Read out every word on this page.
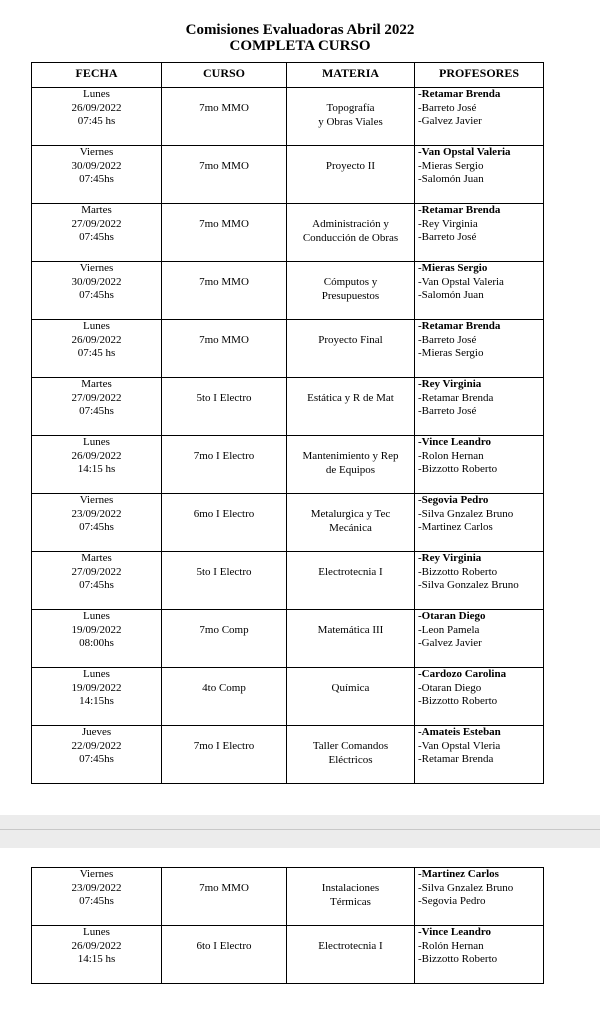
Comisiones Evaluadoras Abril 2022
COMPLETA CURSO
FECHA	CURSO	MATERIA	PROFESORES

Lunes
26/09/2022
07:45 hs	7mo MMO	Topografía
y Obras Viales	-Retamar Brenda
-Barreto José
-Galvez Javier

Viernes
30/09/2022
07:45hs	7mo MMO	Proyecto II	-Van Opstal Valeria
-Mieras Sergio
-Salomón Juan

Martes
27/09/2022
07:45hs	7mo MMO	Administración y
Conducción de Obras	-Retamar Brenda
-Rey Virginia
-Barreto José

Viernes
30/09/2022
07:45hs	7mo MMO	Cómputos y
Presupuestos	-Mieras Sergio
-Van Opstal Valeria
-Salomón Juan

Lunes
26/09/2022
07:45 hs	7mo MMO	Proyecto Final	-Retamar Brenda
-Barreto José
-Mieras Sergio

Martes
27/09/2022
07:45hs	5to I Electro	Estática y R de Mat	-Rey Virginia
-Retamar Brenda
-Barreto José

Lunes
26/09/2022
14:15 hs	7mo I Electro	Mantenimiento y Rep
de Equipos	-Vince Leandro
-Rolon Hernan
-Bizzotto Roberto

Viernes
23/09/2022
07:45hs	6mo I Electro	Metalurgica y Tec
Mecánica	-Segovia Pedro
-Silva Gnzalez Bruno
-Martinez Carlos

Martes
27/09/2022
07:45hs	5to I Electro	Electrotecnia I	-Rey Virginia
-Bizzotto Roberto
-Silva Gonzalez Bruno

Lunes
19/09/2022
08:00hs	7mo Comp	Matemática III	-Otaran Diego
-Leon Pamela
-Galvez Javier

Lunes
19/09/2022
14:15hs	4to Comp	Química	-Cardozo Carolina
-Otaran Diego
-Bizzotto Roberto

Jueves
22/09/2022
07:45hs	7mo I Electro	Taller Comandos
Eléctricos	-Amateis Esteban
-Van Opstal Vleria
-Retamar Brenda
Viernes
23/09/2022
07:45hs	7mo MMO	Instalaciones
Térmicas	-Martinez Carlos
-Silva Gnzalez Bruno
-Segovia Pedro

Lunes
26/09/2022
14:15 hs	6to I Electro	Electrotecnia I	-Vince Leandro
-Rolón Hernan
-Bizzotto Roberto
